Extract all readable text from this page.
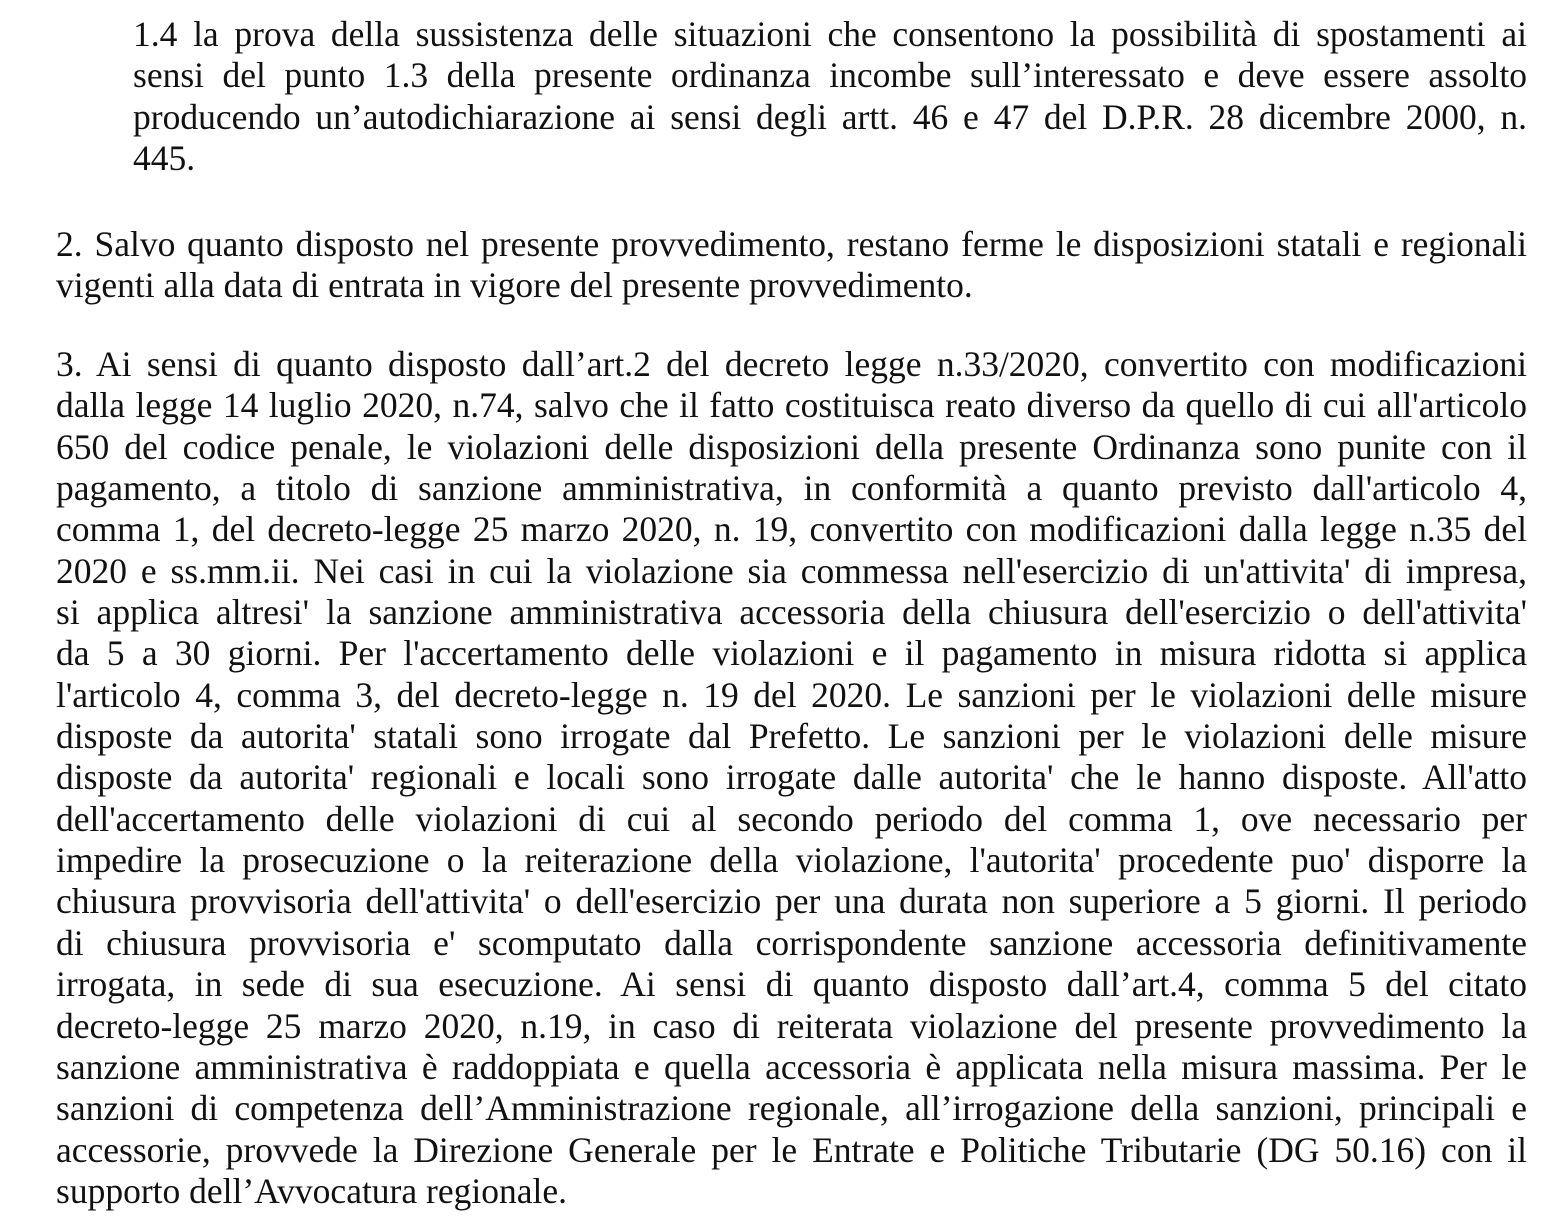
1.4 la prova della sussistenza delle situazioni che consentono la possibilità di spostamenti ai
sensi del punto 1.3 della presente ordinanza incombe sull’interessato e deve essere assolto
producendo un’autodichiarazione ai sensi degli artt. 46 e 47 del D.P.R. 28 dicembre 2000, n.
445.
2. Salvo quanto disposto nel presente provvedimento, restano ferme le disposizioni statali e regionali
vigenti alla data di entrata in vigore del presente provvedimento.
3. Ai sensi di quanto disposto dall’art.2 del decreto legge n.33/2020, convertito con modificazioni
dalla legge 14 luglio 2020, n.74, salvo che il fatto costituisca reato diverso da quello di cui all'articolo
650 del codice penale, le violazioni delle disposizioni della presente Ordinanza sono punite con il
pagamento, a titolo di sanzione amministrativa, in conformità a quanto previsto dall'articolo 4,
comma 1, del decreto-legge 25 marzo 2020, n. 19, convertito con modificazioni dalla legge n.35 del
2020 e ss.mm.ii. Nei casi in cui la violazione sia commessa nell'esercizio di un'attivita' di impresa,
si applica altresi' la sanzione amministrativa accessoria della chiusura dell'esercizio o dell'attivita'
da 5 a 30 giorni. Per l'accertamento delle violazioni e il pagamento in misura ridotta si applica
l'articolo 4, comma 3, del decreto-legge n. 19 del 2020. Le sanzioni per le violazioni delle misure
disposte da autorita' statali sono irrogate dal Prefetto. Le sanzioni per le violazioni delle misure
disposte da autorita' regionali e locali sono irrogate dalle autorita' che le hanno disposte. All'atto
dell'accertamento delle violazioni di cui al secondo periodo del comma 1, ove necessario per
impedire la prosecuzione o la reiterazione della violazione, l'autorita' procedente puo' disporre la
chiusura provvisoria dell'attivita' o dell'esercizio per una durata non superiore a 5 giorni. Il periodo
di chiusura provvisoria e' scomputato dalla corrispondente sanzione accessoria definitivamente
irrogata, in sede di sua esecuzione. Ai sensi di quanto disposto dall’art.4, comma 5 del citato
decreto-legge 25 marzo 2020, n.19, in caso di reiterata violazione del presente provvedimento la
sanzione amministrativa è raddoppiata e quella accessoria è applicata nella misura massima. Per le
sanzioni di competenza dell’Amministrazione regionale, all’irrogazione della sanzioni, principali e
accessorie, provvede la Direzione Generale per le Entrate e Politiche Tributarie (DG 50.16) con il
supporto dell’Avvocatura regionale.
